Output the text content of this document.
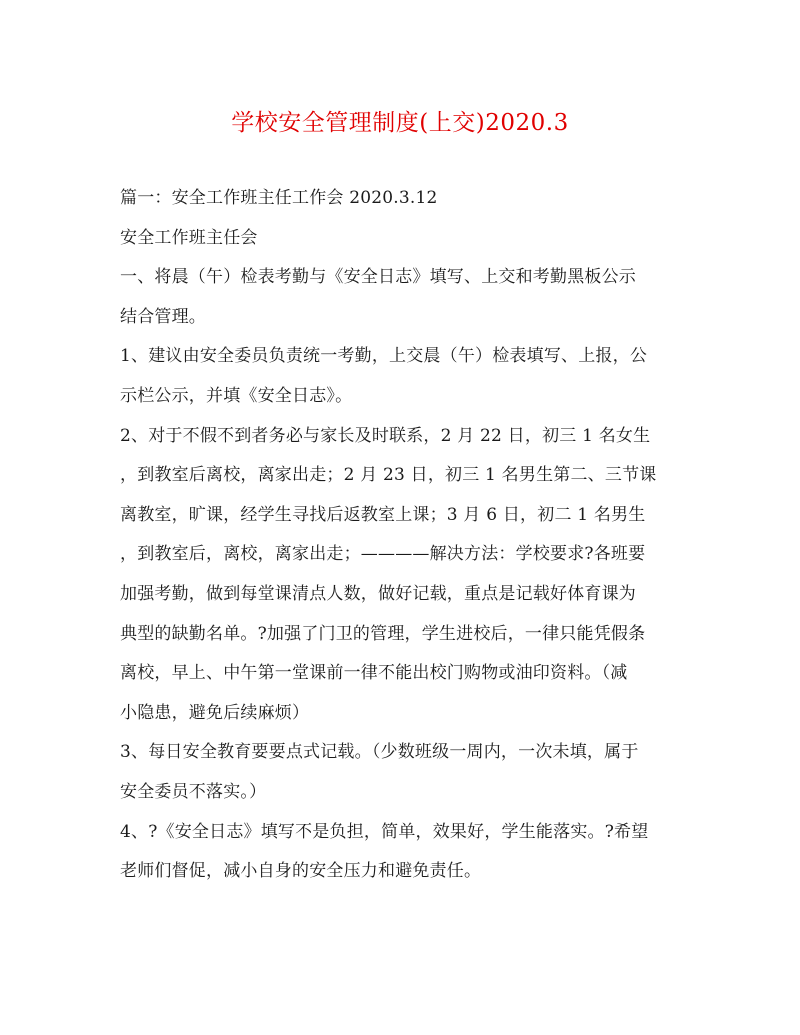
学校安全管理制度(上交)2020.3
篇一：安全工作班主任工作会 2020.3.12
安全工作班主任会
一、将晨（午）检表考勤与《安全日志》填写、上交和考勤黑板公示
结合管理。
1、建议由安全委员负责统一考勤，上交晨（午）检表填写、上报，公
示栏公示，并填《安全日志》。
2、对于不假不到者务必与家长及时联系，2 月 22 日，初三 1 名女生
，到教室后离校，离家出走；2 月 23 日，初三 1 名男生第二、三节课
离教室，旷课，经学生寻找后返教室上课；3 月 6 日，初二 1 名男生
，到教室后，离校，离家出走；————解决方法：学校要求?各班要
加强考勤，做到每堂课清点人数，做好记载，重点是记载好体育课为
典型的缺勤名单。?加强了门卫的管理，学生进校后，一律只能凭假条
离校，早上、中午第一堂课前一律不能出校门购物或油印资料。（减
小隐患，避免后续麻烦）
3、每日安全教育要要点式记载。（少数班级一周内，一次未填，属于
安全委员不落实。）
4、?《安全日志》填写不是负担，简单，效果好，学生能落实。?希望
老师们督促，减小自身的安全压力和避免责任。
